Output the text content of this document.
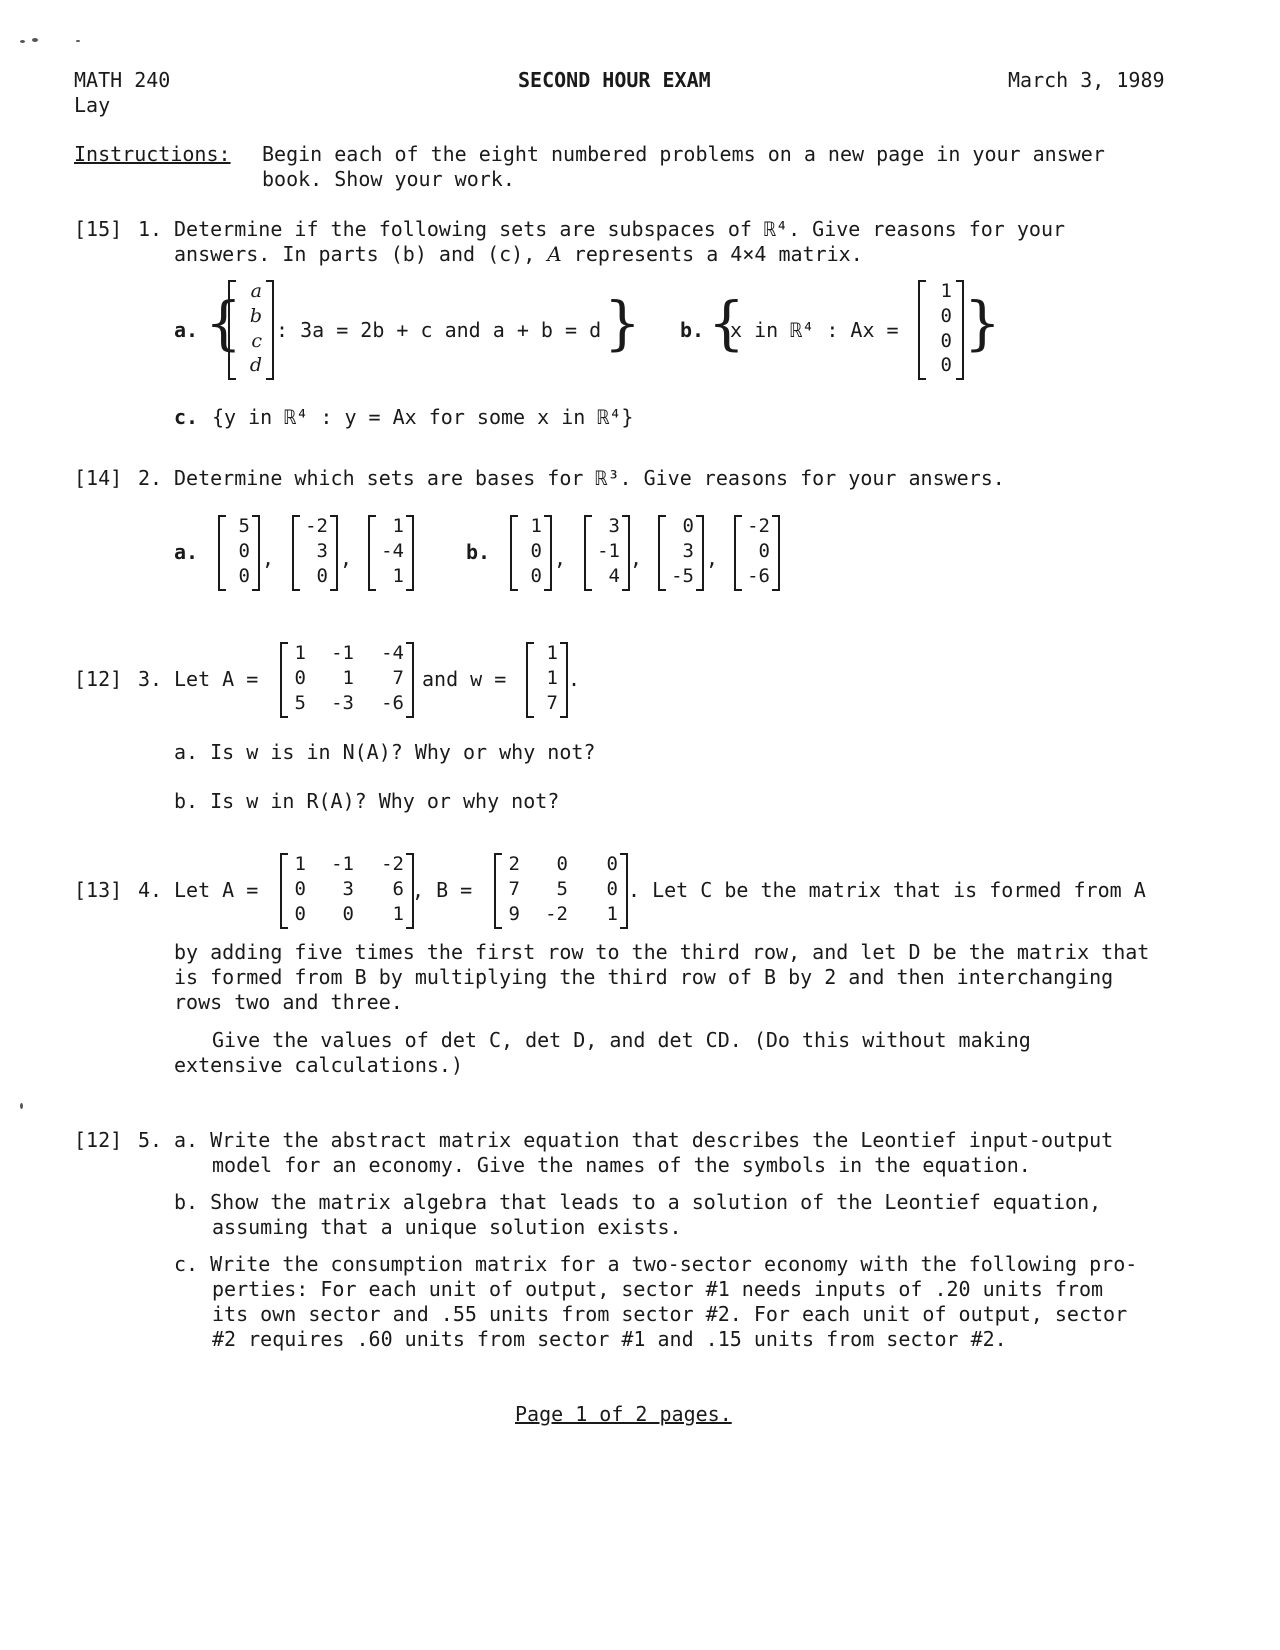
MATH 240
Lay
SECOND HOUR EXAM	March 3, 1989
Instructions: Begin each of the eight numbered problems on a new page in your answer
book. Show your work.
[15] 1. Determine if the following sets are subspaces of ℝ⁴. Give reasons for your
answers. In parts (b) and (c), A represents a 4×4 matrix.
a. { a
b
c
d
: 3a = 2b + c and a + b = d } b. {
x in ℝ⁴ : Ax =
1
0
0
0
}
c. {y in ℝ⁴ : y = Ax for some x in ℝ⁴}
[14] 2. Determine which sets are bases for ℝ³. Give reasons for your answers.
a.
5
0
0
,
-2
3
0
,
1
-4
1
b.
1
0
0
,
3
-1
4
,
0
3
-5
,
-2
0
-6
[12] 3. Let A =
1 -1 -4
0 1 7
5 -3 -6
and w =
1
1
7
.
a. Is w is in N(A)? Why or why not?
b. Is w in R(A)? Why or why not?
[13] 4. Let A =
1 -1 -2
0 3 6
0 0 1
, B =
2 0 0
7 5 0
9 -2 1
. Let C be the matrix that is formed from A
by adding five times the first row to the third row, and let D be the matrix that
is formed from B by multiplying the third row of B by 2 and then interchanging
rows two and three.
Give the values of det C, det D, and det CD. (Do this without making
extensive calculations.)
[12] 5. a. Write the abstract matrix equation that describes the Leontief input-output
model for an economy. Give the names of the symbols in the equation.
b. Show the matrix algebra that leads to a solution of the Leontief equation,
assuming that a unique solution exists.
c. Write the consumption matrix for a two-sector economy with the following pro-
perties: For each unit of output, sector #1 needs inputs of .20 units from
its own sector and .55 units from sector #2. For each unit of output, sector
#2 requires .60 units from sector #1 and .15 units from sector #2.
Page 1 of 2 pages.
